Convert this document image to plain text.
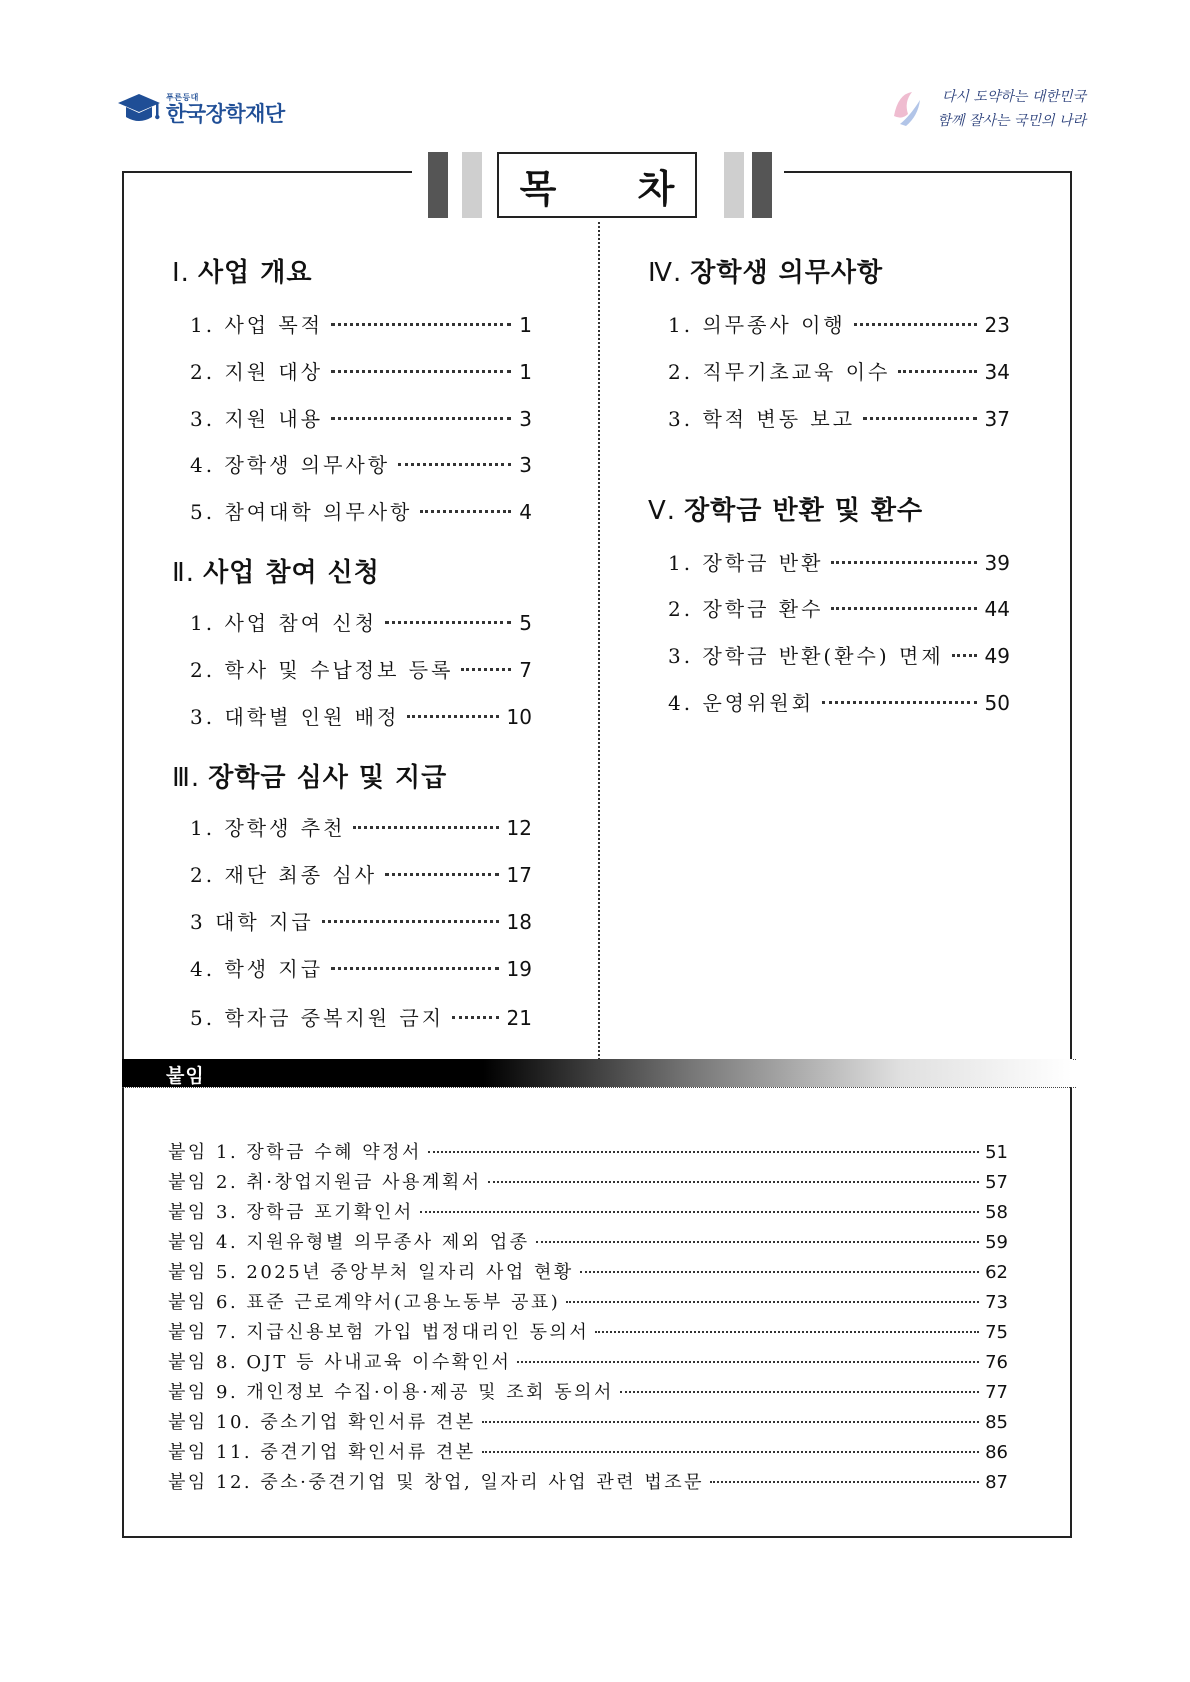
푸른등대
한국장학재단
다시 도약하는 대한민국
함께 잘사는 국민의 나라
목 차
Ⅰ. 사업 개요
1. 사업 목적	1
2. 지원 대상	1
3. 지원 내용	3
4. 장학생 의무사항	3
5. 참여대학 의무사항	4
Ⅱ. 사업 참여 신청
1. 사업 참여 신청	5
2. 학사 및 수납정보 등록	7
3. 대학별 인원 배정	10
Ⅲ. 장학금 심사 및 지급
1. 장학생 추천	12
2. 재단 최종 심사	17
3 대학 지급	18
4. 학생 지급	19
5. 학자금 중복지원 금지	21
Ⅳ. 장학생 의무사항
1. 의무종사 이행	23
2. 직무기초교육 이수	34
3. 학적 변동 보고	37
Ⅴ. 장학금 반환 및 환수
1. 장학금 반환	39
2. 장학금 환수	44
3. 장학금 반환(환수) 면제 49
4. 운영위원회	50
붙임
붙임 1. 장학금 수혜 약정서	51
붙임 2. 취·창업지원금 사용계획서	57
붙임 3. 장학금 포기확인서	58
붙임 4. 지원유형별 의무종사 제외 업종	59
붙임 5. 2025년 중앙부처 일자리 사업 현황	62
붙임 6. 표준 근로계약서(고용노동부 공표)	73
붙임 7. 지급신용보험 가입 법정대리인 동의서	75
붙임 8. OJT 등 사내교육 이수확인서	76
붙임 9. 개인정보 수집·이용·제공 및 조회 동의서	77
붙임 10. 중소기업 확인서류 견본	85
붙임 11. 중견기업 확인서류 견본	86
붙임 12. 중소·중견기업 및 창업, 일자리 사업 관련 법조문	87
